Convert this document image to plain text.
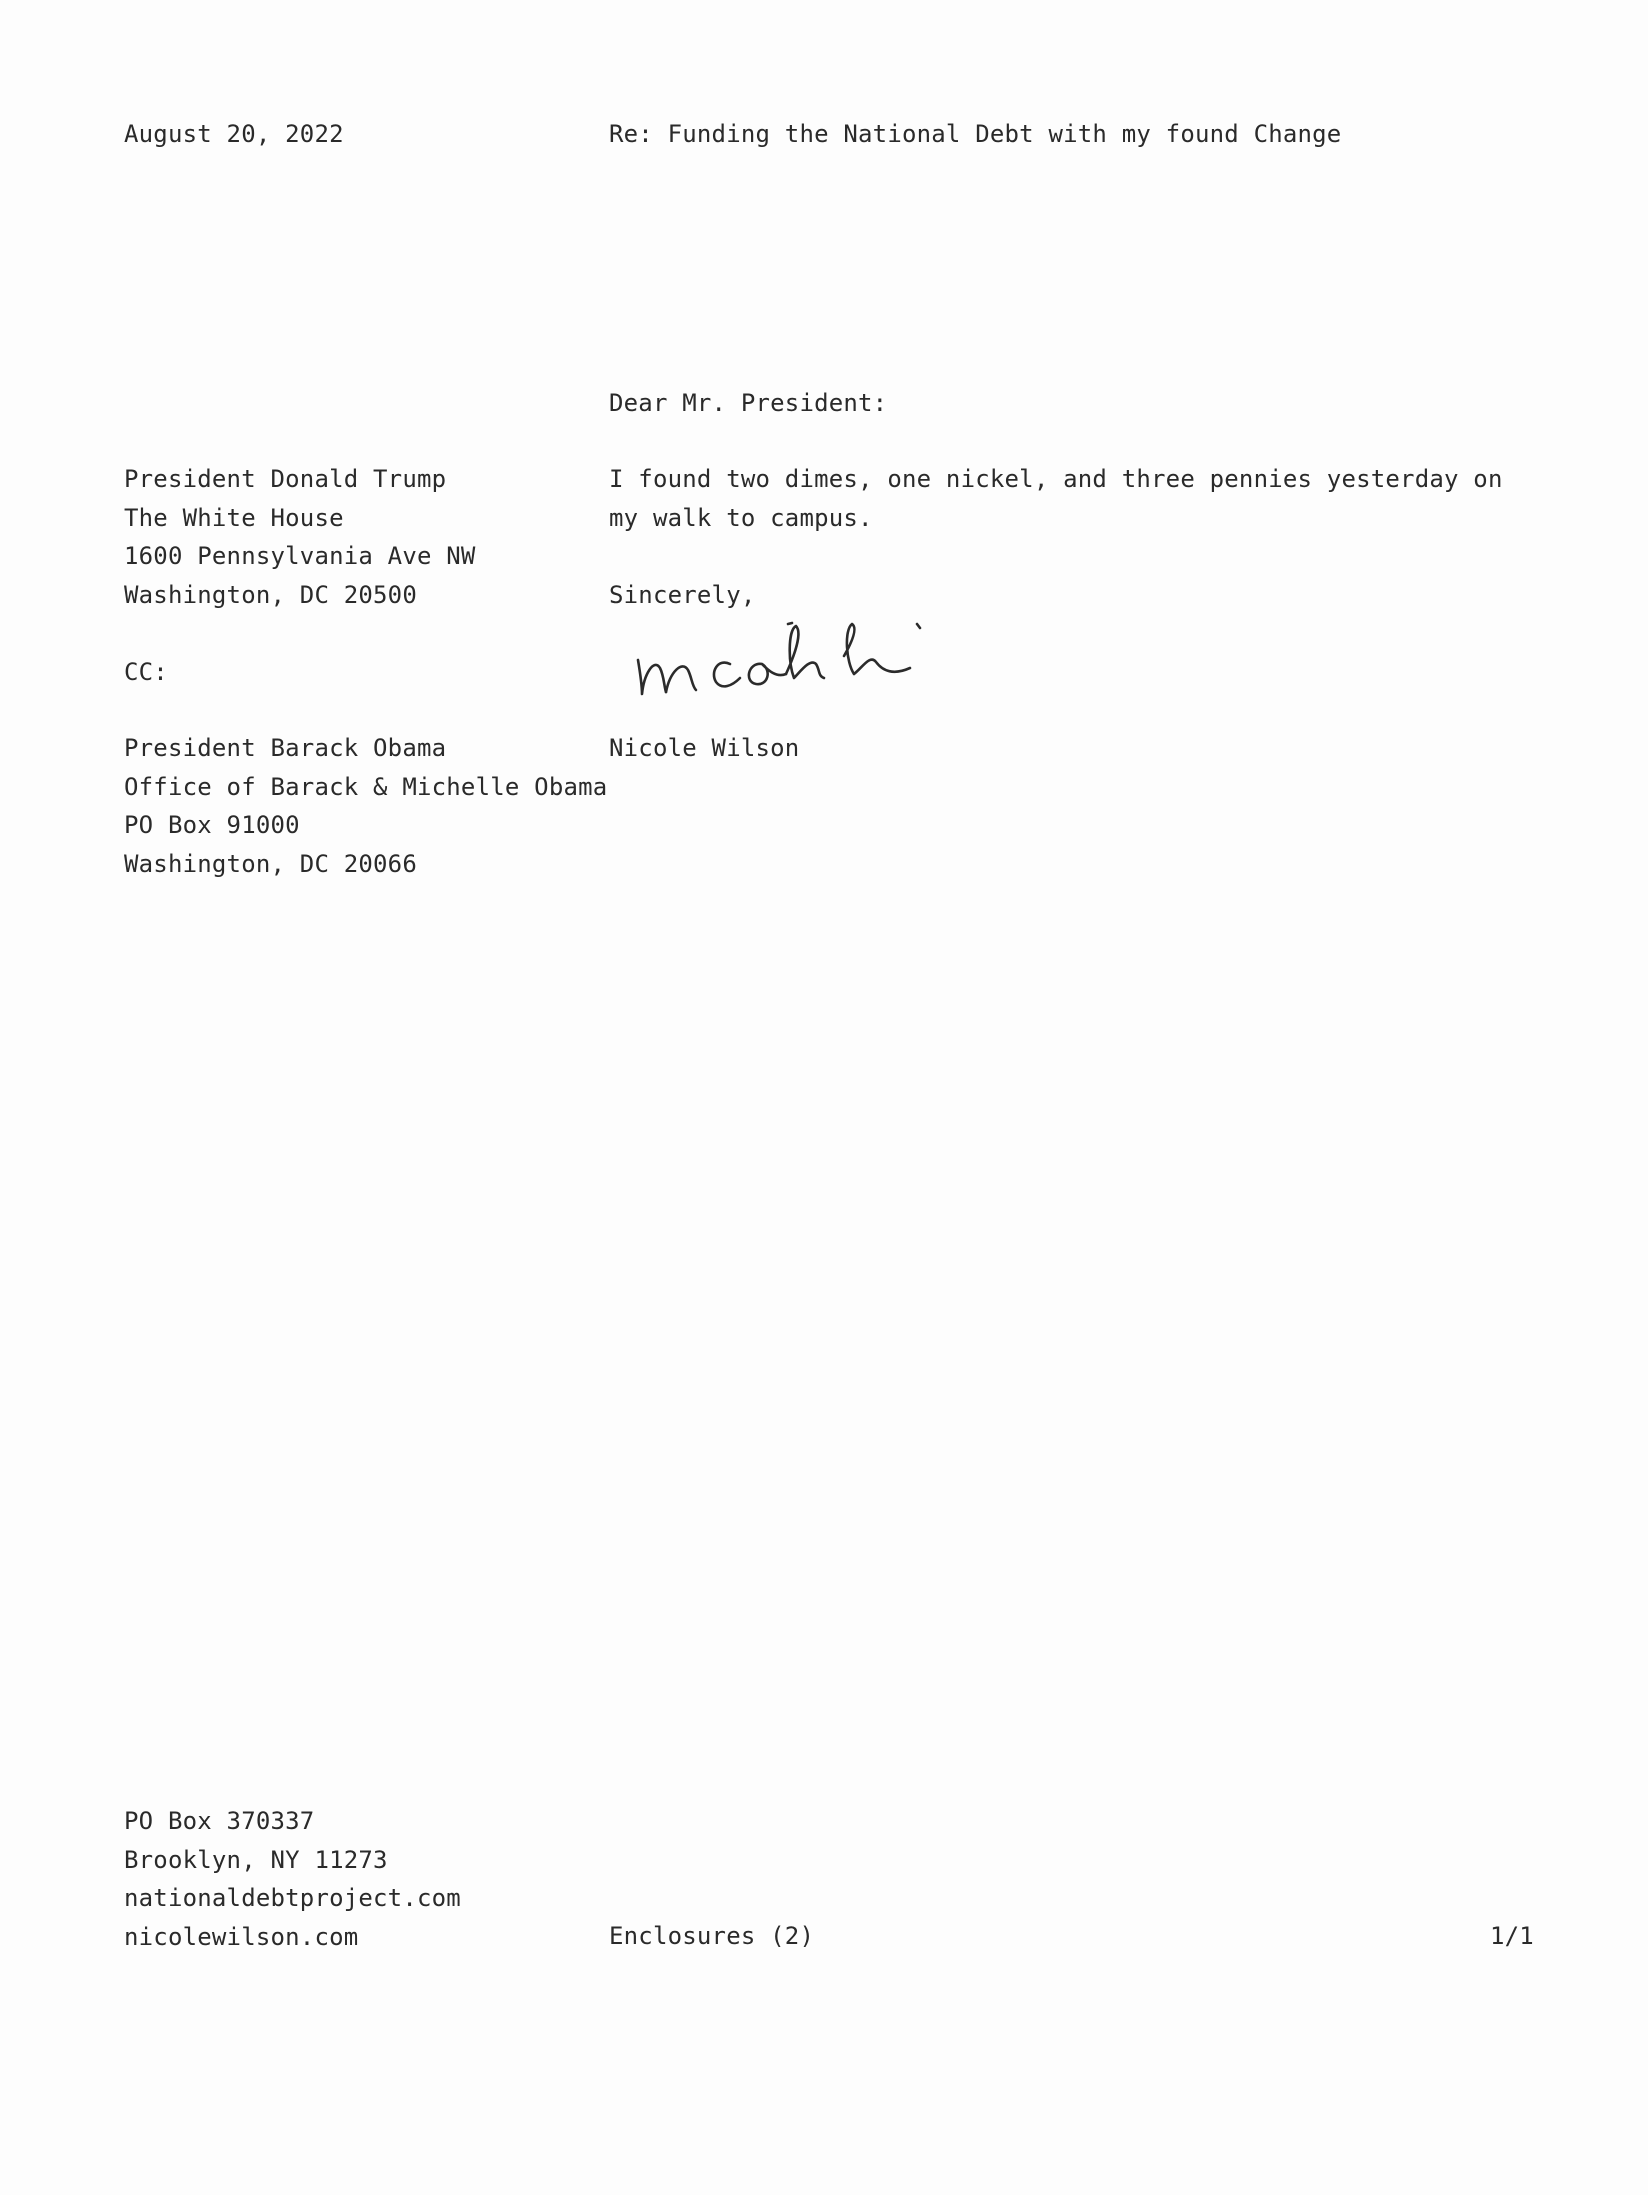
August 20, 2022	Re: Funding the National Debt with my found Change
Dear Mr. President:
President Donald Trump
The White House
1600 Pennsylvania Ave NW
Washington, DC 20500
I found two dimes, one nickel, and three pennies yesterday on my walk to campus.
Sincerely,
CC:
President Barack Obama
Office of Barack & Michelle Obama
PO Box 91000
Washington, DC 20066
Nicole Wilson
PO Box 370337
Brooklyn, NY 11273
nationaldebtproject.com
nicolewilson.com	Enclosures (2)	1/1
